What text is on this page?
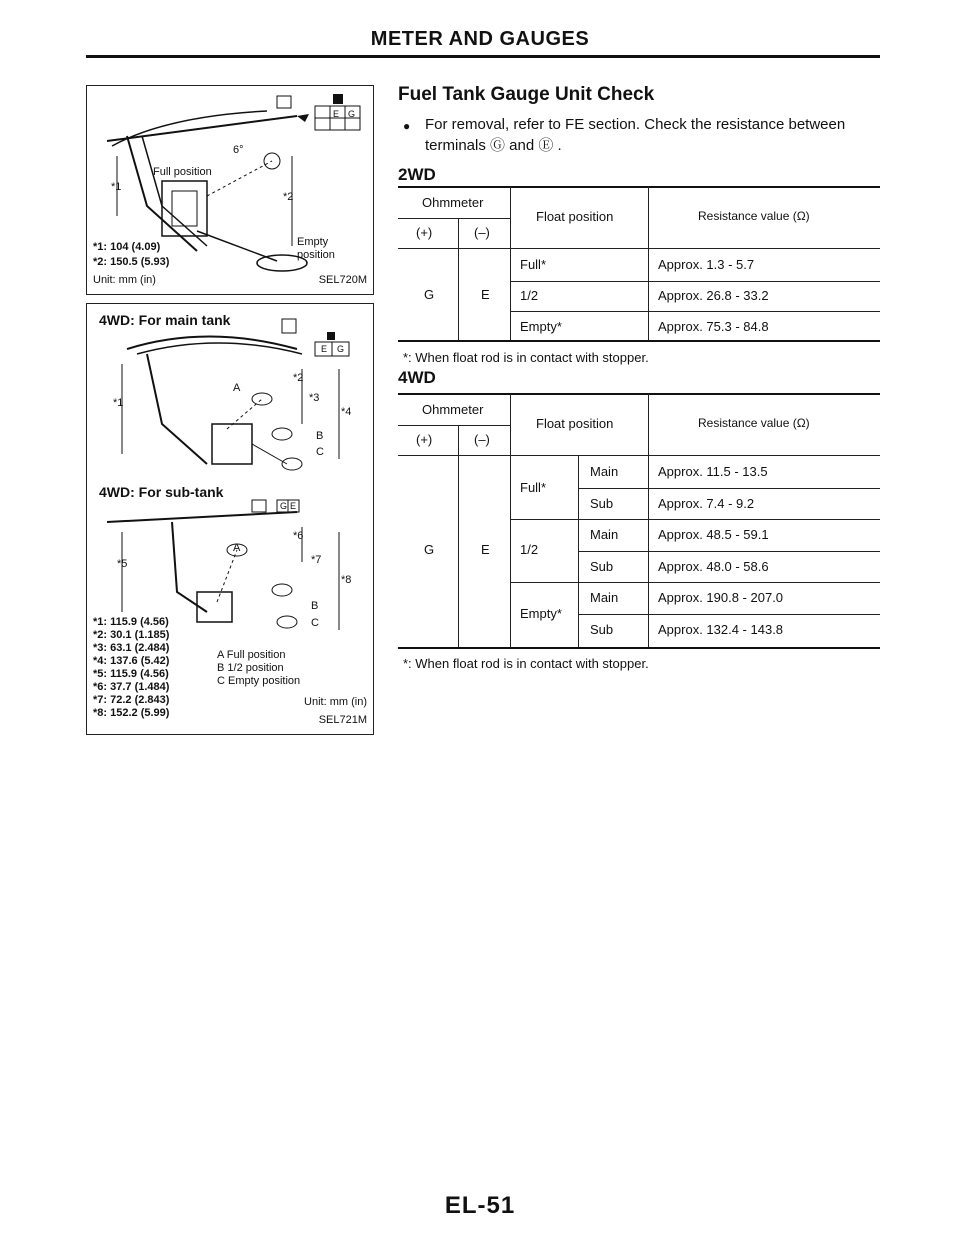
METER AND GAUGES
Full position
6°
*1
*2
Empty
position
E G
*1: 104 (4.09)
*2: 150.5 (5.93)
Unit: mm (in)	SEL720M
4WD: For main tank
*1
*2
*3
*4
A
B
C
E G
4WD: For sub-tank
*5
*6
*7
*8
A
B
C
G E
*1: 115.9 (4.56)
*2: 30.1 (1.185)
*3: 63.1 (2.484)
*4: 137.6 (5.42)
*5: 115.9 (4.56)
*6: 37.7 (1.484)
*7: 72.2 (2.843)
*8: 152.2 (5.99)
A Full position
B 1/2 position
C Empty position
Unit: mm (in)
SEL721M
Fuel Tank Gauge Unit Check
● For removal, refer to FE section. Check the resistance between
terminals Ⓖ and Ⓔ .
2WD
Ohmmeter
(+)	(–)
Float position	Resistance value (Ω)
G	E
Full*	Approx. 1.3 - 5.7
1/2	Approx. 26.8 - 33.2
Empty*	Approx. 75.3 - 84.8
*: When float rod is in contact with stopper.
4WD
Ohmmeter
(+)	(–)
Float position	Resistance value (Ω)
G	E
Full*
Main	Approx. 11.5 - 13.5
Sub	Approx. 7.4 - 9.2
1/2
Main	Approx. 48.5 - 59.1
Sub	Approx. 48.0 - 58.6
Empty*
Main	Approx. 190.8 - 207.0
Sub	Approx. 132.4 - 143.8
*: When float rod is in contact with stopper.
EL-51
